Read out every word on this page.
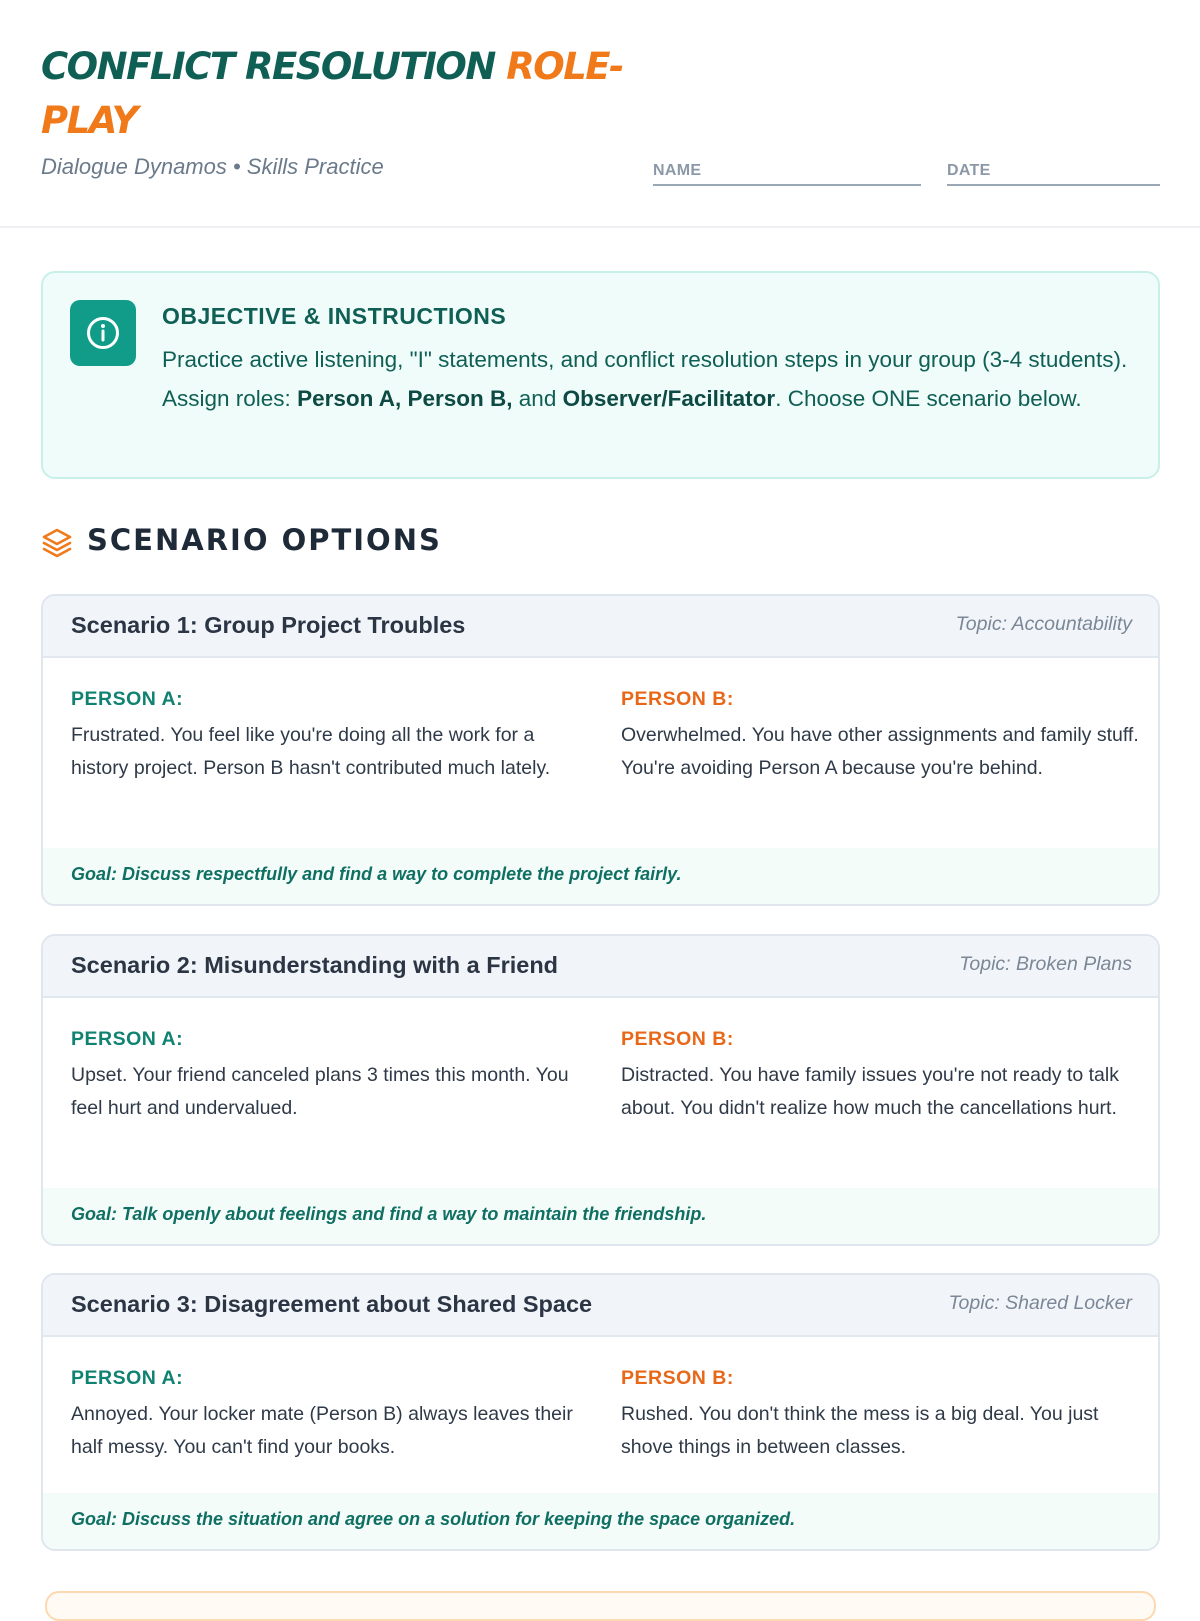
CONFLICT RESOLUTION ROLE-PLAY
Dialogue Dynamos • Skills Practice	NAME	DATE
OBJECTIVE & INSTRUCTIONS
Practice active listening, "I" statements, and conflict resolution steps in your group (3-4 students). Assign roles: Person A, Person B, and Observer/Facilitator. Choose ONE scenario below.
SCENARIO OPTIONS
Scenario 1: Group Project Troubles	Topic: Accountability
PERSON A:
Frustrated. You feel like you're doing all the work for a history project. Person B hasn't contributed much lately.
PERSON B:
Overwhelmed. You have other assignments and family stuff. You're avoiding Person A because you're behind.
Goal: Discuss respectfully and find a way to complete the project fairly.
Scenario 2: Misunderstanding with a Friend	Topic: Broken Plans
PERSON A:
Upset. Your friend canceled plans 3 times this month. You feel hurt and undervalued.
PERSON B:
Distracted. You have family issues you're not ready to talk about. You didn't realize how much the cancellations hurt.
Goal: Talk openly about feelings and find a way to maintain the friendship.
Scenario 3: Disagreement about Shared Space	Topic: Shared Locker
PERSON A:
Annoyed. Your locker mate (Person B) always leaves their half messy. You can't find your books.
PERSON B:
Rushed. You don't think the mess is a big deal. You just shove things in between classes.
Goal: Discuss the situation and agree on a solution for keeping the space organized.
